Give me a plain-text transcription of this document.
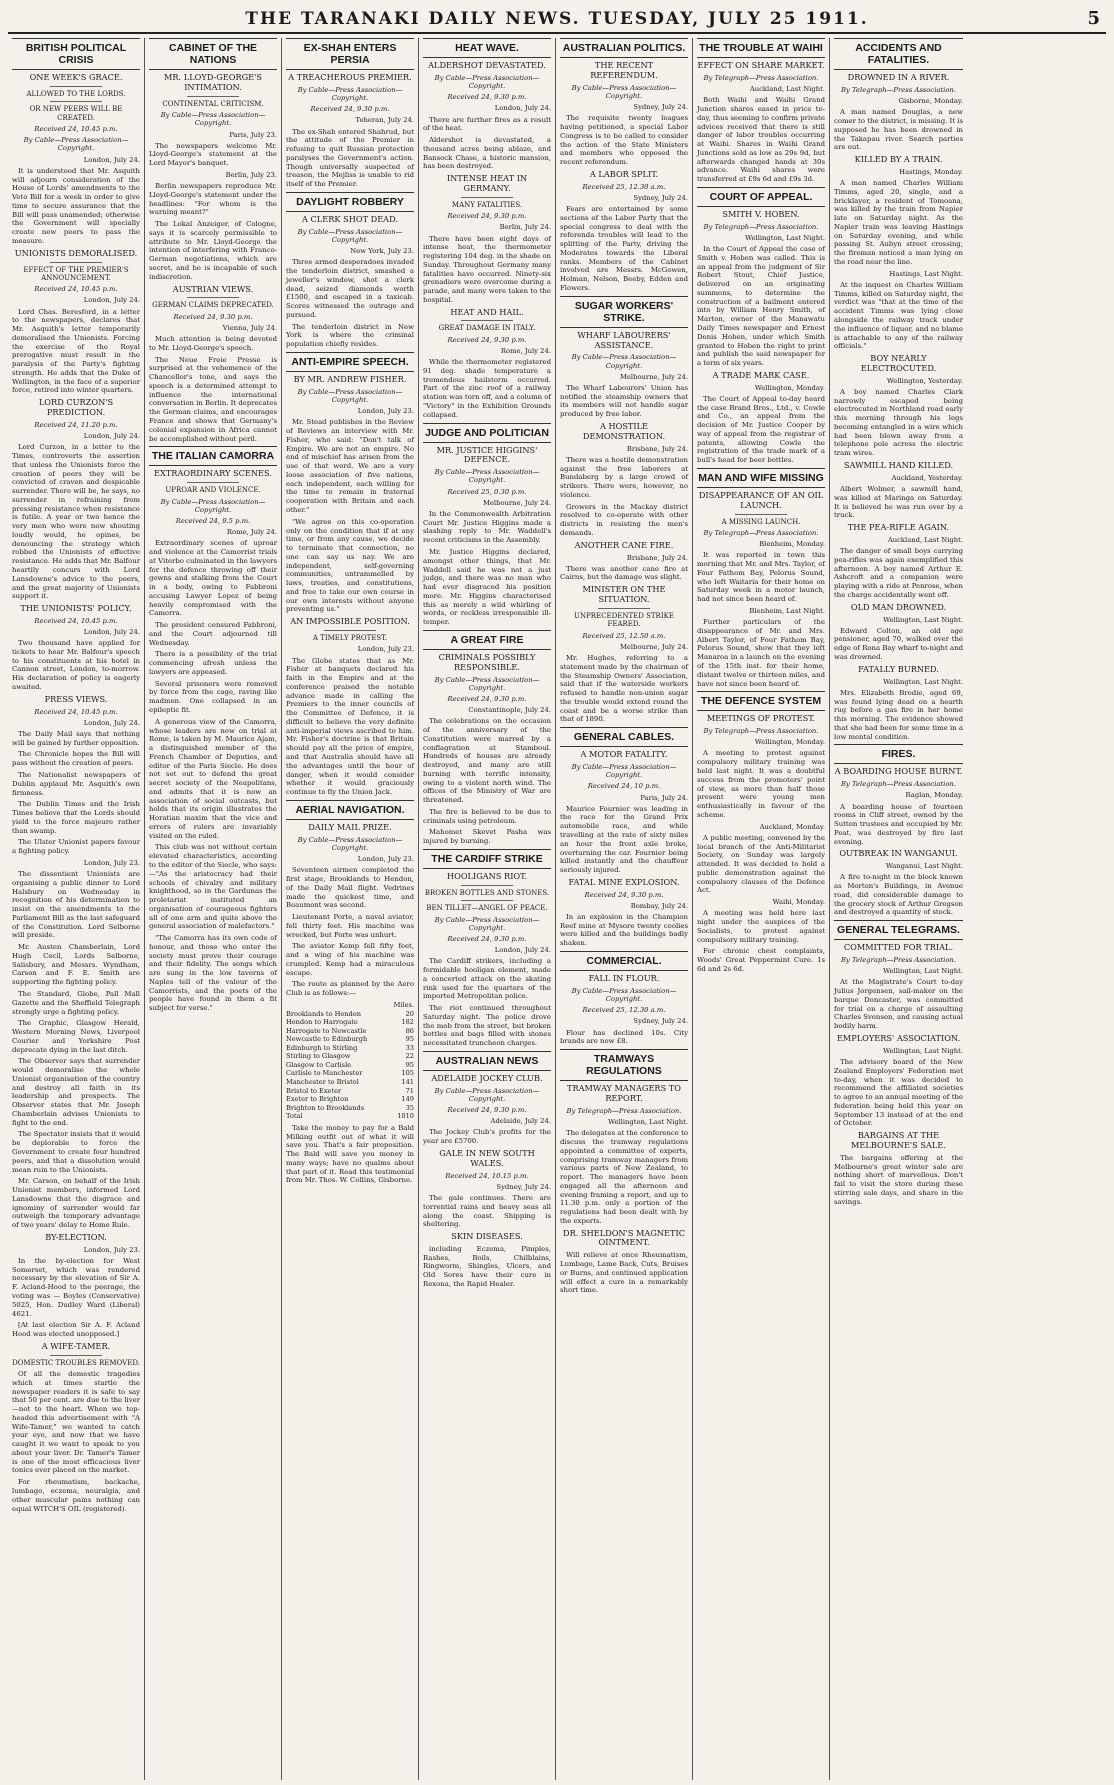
THE TARANAKI DAILY NEWS. TUESDAY, JULY 25 1911.	5
BRITISH POLITICAL CRISIS
ONE WEEK'S GRACE.
ALLOWED TO THE LORDS.
OR NEW PEERS WILL BE CREATED.
Received 24, 10.45 p.m.
By Cable—Press Association—Copyright.
London, July 24.
It is understood that Mr. Asquith will adjourn consideration of the House of Lords' amendments to the Veto Bill for a week in order to give time to secure assurance that the Bill will pass unamended; otherwise the Government will specially create new peers to pass the measure.
UNIONISTS DEMORALISED.
EFFECT OF THE PREMIER'S ANNOUNCEMENT.
Received 24, 10.45 p.m.
London, July 24.
Lord Chas. Beresford, in a letter to the newspapers, declares that Mr. Asquith's letter temporarily demoralised the Unionists. Forcing the exercise of the Royal prerogative must result in the paralysis of the Party's fighting strength. He adds that the Duke of Wellington, in the face of a superior force, retired into winter quarters.
LORD CURZON'S PREDICTION.
Received 24, 11.20 p.m.
London, July 24.
Lord Curzon, in a letter to the Times, controverts the assertion that unless the Unionists force the creation of peers they will be convicted of craven and despicable surrender. There will be, he says, no surrender in refraining from pressing resistance when resistance is futile. A year or two hence the very men who were now shouting loudly would, he opines, be denouncing the strategy which robbed the Unionists of effective resistance. He adds that Mr. Balfour heartily concurs with Lord Lansdowne's advice to the peers, and the great majority of Unionists support it.
THE UNIONISTS' POLICY.
Received 24, 10.45 p.m.
London, July 24.
Two thousand have applied for tickets to hear Mr. Balfour's speech to his constituents at his hotel in Cannon street, London, to-morrow. His declaration of policy is eagerly awaited.
PRESS VIEWS.
Received 24, 10.45 p.m.
London, July 24.
The Daily Mail says that nothing will be gained by further opposition.
The Chronicle hopes the Bill will pass without the creation of peers.
The Nationalist newspapers of Dublin applaud Mr. Asquith's own firmness.
The Dublin Times and the Irish Times believe that the Lords should yield to the force majeure rather than swamp.
The Ulster Unionist papers favour a fighting policy.
London, July 23.
The dissentient Unionists are organising a public dinner to Lord Halsbury on Wednesday in recognition of his determination to insist on the amendments to the Parliament Bill as the last safeguard of the Constitution. Lord Selborne will preside.
Mr. Austen Chamberlain, Lord Hugh Cecil, Lords Selborne, Salisbury, and Messrs. Wyndham, Carson and F. E. Smith are supporting the fighting policy.
The Standard, Globe, Pall Mall Gazette and the Sheffield Telegraph strongly urge a fighting policy.
The Graphic, Glasgow Herald, Western Morning News, Liverpool Courier and Yorkshire Post deprecate dying in the last ditch.
The Observer says that surrender would demoralise the whole Unionist organisation of the country and destroy all faith in its leadership and prospects. The Observer states that Mr. Joseph Chamberlain advises Unionists to fight to the end.
The Spectator insists that it would be deplorable to force the Government to create four hundred peers, and that a dissolution would mean ruin to the Unionists.
Mr. Carson, on behalf of the Irish Unionist members, informed Lord Lansdowne that the disgrace and ignominy of surrender would far outweigh the temporary advantage of two years' delay to Home Rule.
BY-ELECTION.
London, July 23.
In the by-election for West Somerset, which was rendered necessary by the elevation of Sir A. F. Acland-Hood to the peerage, the voting was — Boyles (Conservative) 5025, Hon. Dudley Ward (Liberal) 4621.
[At last election Sir A. F. Acland Hood was elected unopposed.]
A WIFE-TAMER.
DOMESTIC TROUBLES REMOVED.
Of all the domestic tragedies which at times startle the newspaper readers it is safe to say that 50 per cent. are due to the liver—not to the heart. When we top-headed this advertisement with "A Wife-Tamer," we wanted to catch your eye, and now that we have caught it we want to speak to you about your liver. Dr. Tamer's Tamer is one of the most efficacious liver tonics ever placed on the market.
For rheumatism, backache, lumbago, eczema, neuralgia, and other muscular pains nothing can equal WITCH'S OIL (registered).
CABINET OF THE NATIONS
MR. LLOYD-GEORGE'S INTIMATION.
CONTINENTAL CRITICISM.
By Cable—Press Association—Copyright.
Paris, July 23.
The newspapers welcome Mr. Lloyd-George's statement at the Lord Mayor's banquet.
Berlin, July 23.
Berlin newspapers reproduce Mr. Lloyd-George's statement under the headlines: "For whom is the warning meant?"
The Lokal Anzeiger, of Cologne, says it is scarcely permissible to attribute to Mr. Lloyd-George the intention of interfering with Franco-German negotiations, which are secret, and he is incapable of such indiscretion.
AUSTRIAN VIEWS.
GERMAN CLAIMS DEPRECATED.
Received 24, 9.30 p.m.
Vienna, July 24.
Much attention is being devoted to Mr. Lloyd-George's speech.
The Neue Freie Presse is surprised at the vehemence of the Chancellor's tone, and says the speech is a determined attempt to influence the international conversation in Berlin. It deprecates the German claims, and encourages France and shows that Germany's colonial expansion in Africa cannot be accomplished without peril.
THE ITALIAN CAMORRA
EXTRAORDINARY SCENES.
UPROAR AND VIOLENCE.
By Cable—Press Association—Copyright.
Received 24, 9.5 p.m.
Rome, July 24.
Extraordinary scenes of uproar and violence at the Camorrist trials at Viterbo culminated in the lawyers for the defence throwing off their gowns and stalking from the Court in a body, owing to Fabbroni accusing Lawyer Lopez of being heavily compromised with the Camorra.
The president censured Fabbroni, and the Court adjourned till Wednesday.
There is a possibility of the trial commencing afresh unless the lawyers are appeased.
Several prisoners were removed by force from the cage, raving like madmen. One collapsed in an epileptic fit.
A generous view of the Camorra, whose leaders are now on trial at Rome, is taken by M. Maurice Ajam, a distinguished member of the French Chamber of Deputies, and editor of the Paris Siecle. He does not set out to defend the great secret society of the Neapolitans, and admits that it is now an association of social outcasts, but holds that its origin illustrates the Horatian maxim that the vice and errors of rulers are invariably visited on the ruled.
This club was not without certain elevated characteristics, according to the editor of the Siecle, who says:—"As the aristocracy had their schools of chivalry and military knighthood, so in the Gardunas the proletariat instituted an organisation of courageous fighters all of one arm and quite above the general association of malefactors."
"The Camorra has its own code of honour, and those who enter the society must prove their courage and their fidelity. The songs which are sung in the low taverns of Naples tell of the valour of the Camorrists, and the poets of the people have found in them a fit subject for verse."
EX-SHAH ENTERS PERSIA
A TREACHEROUS PREMIER.
By Cable—Press Association—Copyright.
Received 24, 9.30 p.m.
Teheran, July 24.
The ex-Shah entered Shahrud, but the attitude of the Premier in refusing to quit Russian protection paralyses the Government's action. Though universally suspected of treason, the Mejliss is unable to rid itself of the Premier.
DAYLIGHT ROBBERY
A CLERK SHOT DEAD.
By Cable—Press Association—Copyright.
New York, July 23.
Three armed desperadoes invaded the tenderloin district, smashed a jeweller's window, shot a clerk dead, seized diamonds worth £1500, and escaped in a taxicab. Scores witnessed the outrage and pursued.
The tenderloin district in New York is where the criminal population chiefly resides.
ANTI-EMPIRE SPEECH.
BY MR. ANDREW FISHER.
By Cable—Press Association—Copyright.
London, July 23.
Mr. Stead publishes in the Review of Reviews an interview with Mr. Fisher, who said: "Don't talk of Empire. We are not an empire. No end of mischief has arisen from the use of that word. We are a very loose association of five nations, each independent, each willing for the time to remain in fraternal cooperation with Britain and each other."
"We agree on this co-operation only on the condition that if at any time, or from any cause, we decide to terminate that connection, no one can say us nay. We are independent, self-governing communities, untrammelled by laws, treaties, and constitutions, and free to take our own course in our own interests without anyone preventing us."
AN IMPOSSIBLE POSITION.
A TIMELY PROTEST.
London, July 23.
The Globe states that as Mr. Fisher at banquets declared his faith in the Empire and at the conference praised the notable advance made in calling the Premiers to the inner councils of the Committee of Defence, it is difficult to believe the very definite anti-imperial views ascribed to him. Mr. Fisher's doctrine is that Britain should pay all the price of empire, and that Australia should have all the advantages until the hour of danger, when it would consider whether it would graciously continue to fly the Union Jack.
AERIAL NAVIGATION.
DAILY MAIL PRIZE.
By Cable—Press Association—Copyright.
London, July 23.
Seventeen airmen completed the first stage, Brooklands to Hendon, of the Daily Mail flight. Vedrines made the quickest time, and Beaumont was second.
Lieutenant Porte, a naval aviator, fell thirty feet. His machine was wrecked, but Porte was unhurt.
The aviator Kemp fell fifty feet, and a wing of his machine was crumpled. Kemp had a miraculous escape.
The route as planned by the Aero Club is as follows:—
Miles.
Brooklands to Hendon	20
Hendon to Harrogate	182
Harrogate to Newcastle	86
Newcastle to Edinburgh	95
Edinburgh to Stirling	33
Stirling to Glasgow	22
Glasgow to Carlisle	95
Carlisle to Manchester	105
Manchester to Bristol	141
Bristol to Exeter	71
Exeter to Brighton	149
Brighton to Brooklands	35
Total	1010
Take the money to pay for a Bald Milking outfit out of what it will save you. That's a fair proposition. The Bald will save you money in many ways; have no qualms about that part of it. Read this testimonial from Mr. Thos. W. Collins, Gisborne.
HEAT WAVE.
ALDERSHOT DEVASTATED.
By Cable—Press Association—Copyright.
Received 24, 9.30 p.m.
London, July 24.
There are further fires as a result of the heat.
Aldershot is devastated, a thousand acres being ablaze, and Bansock Chase, a historic mansion, has been destroyed.
INTENSE HEAT IN GERMANY.
MANY FATALITIES.
Received 24, 9.30 p.m.
Berlin, July 24.
There have been eight days of intense heat, the thermometer registering 104 deg. in the shade on Sunday. Throughout Germany many fatalities have occurred. Ninety-six grenadiers were overcome during a parade, and many were taken to the hospital.
HEAT AND HAIL.
GREAT DAMAGE IN ITALY.
Received 24, 9.30 p.m.
Rome, July 24.
While the thermometer registered 91 deg. shade temperature a tremendous hailstorm occurred. Part of the zinc roof of a railway station was torn off, and a column of "Victory" in the Exhibition Grounds collapsed.
JUDGE AND POLITICIAN
MR. JUSTICE HIGGINS' DEFENCE.
By Cable—Press Association—Copyright.
Received 25, 0.30 p.m.
Melbourne, July 24.
In the Commonwealth Arbitration Court Mr. Justice Higgins made a slashing reply to Mr. Waddell's recent criticisms in the Assembly.
Mr. Justice Higgins declared, amongst other things, that Mr. Waddell said he was not a just judge, and there was no man who had ever disgraced his position more. Mr. Higgins characterised this as merely a wild whirling of words, or reckless irresponsible ill-temper.
A GREAT FIRE
CRIMINALS POSSIBLY RESPONSIBLE.
By Cable—Press Association—Copyright.
Received 24, 9.30 p.m.
Constantinople, July 24.
The celebrations on the occasion of the anniversary of the Constitution were marred by a conflagration at Stamboul. Hundreds of houses are already destroyed, and many are still burning with terrific intensity, owing to a violent north wind. The offices of the Ministry of War are threatened.
The fire is believed to be due to criminals using petroleum.
Mahomet Skevet Pasha was injured by burning.
THE CARDIFF STRIKE
HOOLIGANS RIOT.
BROKEN BOTTLES AND STONES.
BEN TILLET—ANGEL OF PEACE.
By Cable—Press Association—Copyright.
Received 24, 9.30 p.m.
London, July 24.
The Cardiff strikers, including a formidable hooligan element, made a concerted attack on the skating rink used for the quarters of the imported Metropolitan police.
The riot continued throughout Saturday night. The police drove the mob from the street, but broken bottles and bags filled with stones necessitated truncheon charges.
AUSTRALIAN NEWS
ADELAIDE JOCKEY CLUB.
By Cable—Press Association—Copyright.
Received 24, 9.30 p.m.
Adelaide, July 24.
The Jockey Club's profits for the year are £5700.
GALE IN NEW SOUTH WALES.
Received 24, 10.15 p.m.
Sydney, July 24.
The gale continues. There are torrential rains and heavy seas all along the coast. Shipping is sheltering.
SKIN DISEASES.
including Eczema, Pimples, Rashes, Boils, Chilblains, Ringworm, Shingles, Ulcers, and Old Sores have their cure in Rexona, the Rapid Healer.
AUSTRALIAN POLITICS.
THE RECENT REFERENDUM.
By Cable—Press Association—Copyright.
Sydney, July 24.
The requisite twenty leagues having petitioned, a special Labor Congress is to be called to consider the action of the State Ministers and members who opposed the recent referendum.
A LABOR SPLIT.
Received 25, 12.30 a.m.
Sydney, July 24.
Fears are entertained by some sections of the Labor Party that the special congress to deal with the referenda troubles will lead to the splitting of the Party, driving the Moderates towards the Liberal ranks. Members of the Cabinet involved are Messrs. McGowen, Holman, Nelson, Beeby, Edden and Flowers.
SUGAR WORKERS' STRIKE.
WHARF LABOURERS' ASSISTANCE.
By Cable—Press Association—Copyright.
Melbourne, July 24.
The Wharf Labourers' Union has notified the steamship owners that its members will not handle sugar produced by free labor.
A HOSTILE DEMONSTRATION.
Brisbane, July 24.
There was a hostile demonstration against the free laborers at Bundaberg by a large crowd of strikers. There were, however, no violence.
Growers in the Mackay district resolved to co-operate with other districts in resisting the men's demands.
ANOTHER CANE FIRE.
Brisbane, July 24.
There was another cane fire at Cairns, but the damage was slight.
MINISTER ON THE SITUATION.
UNPRECEDENTED STRIKE FEARED.
Received 25, 12.50 a.m.
Melbourne, July 24.
Mr. Hughes, referring to a statement made by the chairman of the Steamship Owners' Association, said that if the waterside workers refused to handle non-union sugar the trouble would extend round the coast and be a worse strike than that of 1890.
GENERAL CABLES.
A MOTOR FATALITY.
By Cable—Press Association—Copyright.
Received 24, 10 p.m.
Paris, July 24.
Maurice Fournier was leading in the race for the Grand Prix automobile race, and while travelling at the rate of sixty miles an hour the front axle broke, overturning the car. Fournier being killed instantly and the chauffeur seriously injured.
FATAL MINE EXPLOSION.
Received 24, 9.30 p.m.
Bombay, July 24.
In an explosion in the Champion Reef mine at Mysore twenty coolies were killed and the buildings badly shaken.
COMMERCIAL.
FALL IN FLOUR.
By Cable—Press Association—Copyright.
Received 25, 12.30 a.m.
Sydney, July 24.
Flour has declined 10s. City brands are now £8.
TRAMWAYS REGULATIONS
TRAMWAY MANAGERS TO REPORT.
By Telegraph—Press Association.
Wellington, Last Night.
The delegates at the conference to discuss the tramway regulations appointed a committee of experts, comprising tramway managers from various parts of New Zealand, to report. The managers have been engaged all the afternoon and evening framing a report, and up to 11.30 p.m. only a portion of the regulations had been dealt with by the experts.
DR. SHELDON'S MAGNETIC OINTMENT.
Will relieve at once Rheumatism, Lumbago, Lame Back, Cuts, Bruises or Burns, and continued application will effect a cure in a remarkably short time.
THE TROUBLE AT WAIHI
EFFECT ON SHARE MARKET.
By Telegraph—Press Association.
Auckland, Last Night.
Both Waihi and Waihi Grand Junction shares eased in price to-day, thus seeming to confirm private advices received that there is still danger of labor troubles occurring at Waihi. Shares in Waihi Grand Junctions sold as low as 29s 9d, but afterwards changed hands at 30s advance. Waihi shares were transferred at £9s 6d and £9s 3d.
COURT OF APPEAL.
SMITH V. HOBEN.
By Telegraph—Press Association.
Wellington, Last Night.
In the Court of Appeal the case of Smith v. Hoben was called. This is an appeal from the judgment of Sir Robert Stout, Chief Justice, delivered on an originating summons, to determine the construction of a bailment entered into by William Henry Smith, of Marton, owner of the Manawatu Daily Times newspaper and Ernest Denis Hoben, under which Smith granted to Hoben the right to print and publish the said newspaper for a term of six years.
A TRADE MARK CASE.
Wellington, Monday.
The Court of Appeal to-day heard the case Brand Bros., Ltd., v. Cowle and Co., an appeal from the decision of Mr. Justice Cooper by way of appeal from the registrar of patents, allowing Cowle the registration of the trade mark of a bull's head for beer bottles.
MAN AND WIFE MISSING
DISAPPEARANCE OF AN OIL LAUNCH.
A MISSING LAUNCH.
By Telegraph—Press Association.
Blenheim, Monday.
It was reported in town this morning that Mr. and Mrs. Taylor, of Four Fathom Bay, Pelorus Sound, who left Waitaria for their home on Saturday week in a motor launch, had not since been heard of.
Blenheim, Last Night.
Further particulars of the disappearance of Mr. and Mrs. Albert Taylor, of Four Fathom Bay, Pelorus Sound, show that they left Manaroa in a launch on the evening of the 15th inst. for their home, distant twelve or thirteen miles, and have not since been heard of.
THE DEFENCE SYSTEM
MEETINGS OF PROTEST.
By Telegraph—Press Association.
Wellington, Monday.
A meeting to protest against compulsory military training was held last night. It was a doubtful success from the promoters' point of view, as more than half those present were young men enthusiastically in favour of the scheme.
Auckland, Monday.
A public meeting, convened by the local branch of the Anti-Militarist Society, on Sunday was largely attended. It was decided to hold a public demonstration against the compulsory clauses of the Defence Act.
Waihi, Monday.
A meeting was held here last night under the auspices of the Socialists, to protest against compulsory military training.
For chronic chest complaints, Woods' Great Peppermint Cure. 1s 6d and 2s 6d.
ACCIDENTS AND FATALITIES.
DROWNED IN A RIVER.
By Telegraph—Press Association.
Gisborne, Monday.
A man named Douglas, a new comer to the district, is missing. It is supposed he has been drowned in the Takapau river. Search parties are out.
KILLED BY A TRAIN.
Hastings, Monday.
A man named Charles William Timms, aged 20, single, and a bricklayer, a resident of Tomoana, was killed by the train from Napier late on Saturday night. As the Napier train was leaving Hastings on Saturday evening, and while passing St. Aubyn street crossing, the fireman noticed a man lying on the road near the line.
Hastings, Last Night.
At the inquest on Charles William Timms, killed on Saturday night, the verdict was "that at the time of the accident Timms was lying close alongside the railway track under the influence of liquor, and no blame is attachable to any of the railway officials."
BOY NEARLY ELECTROCUTED.
Wellington, Yesterday.
A boy named Charles Clark narrowly escaped being electrocuted in Northland road early this morning through his legs becoming entangled in a wire which had been blown away from a telephone pole across the electric tram wires.
SAWMILL HAND KILLED.
Auckland, Yesterday.
Albert Wolmer, a sawmill hand, was killed at Maringa on Saturday. It is believed he was run over by a truck.
THE PEA-RIFLE AGAIN.
Auckland, Last Night.
The danger of small boys carrying pea-rifles was again exemplified this afternoon. A boy named Arthur E. Ashcroft and a companion were playing with a ride at Penrose, when the charge accidentally went off.
OLD MAN DROWNED.
Wellington, Last Night.
Edward Colton, an old age pensioner, aged 70, walked over the edge of Rona Bay wharf to-night and was drowned.
FATALLY BURNED.
Wellington, Last Night.
Mrs. Elizabeth Brodie, aged 69, was found lying dead on a hearth rug before a gas fire in her home this morning. The evidence showed that she had been for some time in a low mental condition.
FIRES.
A BOARDING HOUSE BURNT.
By Telegraph—Press Association.
Raglan, Monday.
A boarding house of fourteen rooms in Cliff street, owned by the Sutton trustees and occupied by Mr. Peat, was destroyed by fire last evening.
OUTBREAK IN WANGANUI.
Wanganui, Last Night.
A fire to-night in the block known as Morton's Buildings, in Avenue road, did considerable damage to the grocery stock of Arthur Gregson and destroyed a quantity of stock.
GENERAL TELEGRAMS.
COMMITTED FOR TRIAL.
By Telegraph—Press Association.
Wellington, Last Night.
At the Magistrate's Court to-day Julius Jorgensen, sail-maker on the barque Doncaster, was committed for trial on a charge of assaulting Charles Svenson, and causing actual bodily harm.
EMPLOYERS' ASSOCIATION.
Wellington, Last Night.
The advisory board of the New Zealand Employers' Federation met to-day, when it was decided to recommend the affiliated societies to agree to an annual meeting of the federation being held this year on September 13 instead of at the end of October.
BARGAINS AT THE MELBOURNE'S SALE.
The bargains offering at the Melbourne's great winter sale are nothing short of marvellous. Don't fail to visit the store during these stirring sale days, and share in the savings.
